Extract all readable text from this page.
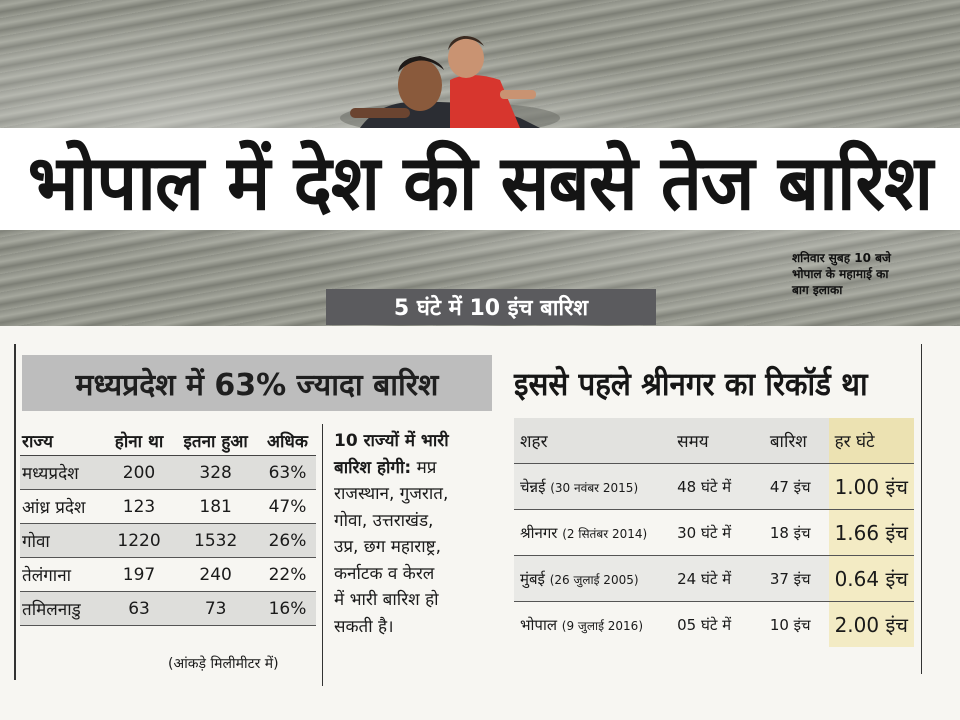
भोपाल में देश की सबसे तेज बारिश
शनिवार सुबह 10 बजे
भोपाल के महामाई का
बाग इलाका
5 घंटे में 10 इंच बारिश
मध्यप्रदेश में 63% ज्यादा बारिश
राज्य	होना था	इतना हुआ	अधिक
मध्यप्रदेश	200	328	63%
आंध्र प्रदेश	123	181	47%
गोवा	1220	1532	26%
तेलंगाना	197	240	22%
तमिलनाडु	63	73	16%
(आंकड़े मिलीमीटर में)
10 राज्यों में भारी
बारिश होगी: मप्र
राजस्थान, गुजरात,
गोवा, उत्तराखंड,
उप्र, छग महाराष्ट्र,
कर्नाटक व केरल
में भारी बारिश हो
सकती है।
इससे पहले श्रीनगर का रिकॉर्ड था
शहर	समय	बारिश	हर घंटे
चेन्नई (30 नवंबर 2015)	48 घंटे में	47 इंच	1.00 इंच
श्रीनगर (2 सितंबर 2014)	30 घंटे में	18 इंच	1.66 इंच
मुंबई (26 जुलाई 2005)	24 घंटे में	37 इंच	0.64 इंच
भोपाल (9 जुलाई 2016)	05 घंटे में	10 इंच	2.00 इंच
